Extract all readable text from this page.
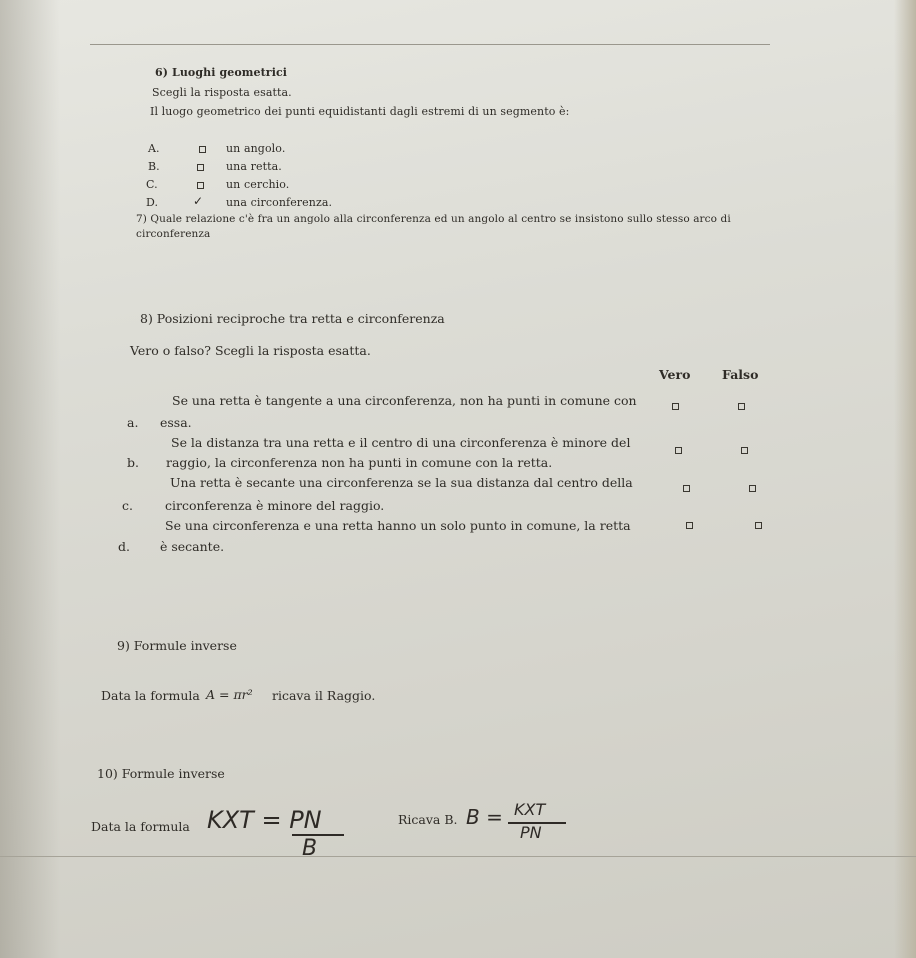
6) Luoghi geometrici
Scegli la risposta esatta.
Il luogo geometrico dei punti equidistanti dagli estremi di un segmento è:
A.	un angolo.
B.	una retta.
C.	un cerchio.
D.	✓ una circonferenza.
7) Quale relazione c'è fra un angolo alla circonferenza ed un angolo al centro se insistono sullo stesso arco di
circonferenza
8) Posizioni reciproche tra retta e circonferenza
Vero o falso? Scegli la risposta esatta.
Vero	Falso
Se una retta è tangente a una circonferenza, non ha punti in comune con
a. essa.
Se la distanza tra una retta e il centro di una circonferenza è minore del
b. raggio, la circonferenza non ha punti in comune con la retta.
Una retta è secante una circonferenza se la sua distanza dal centro della
c.	circonferenza è minore del raggio.
Se una circonferenza e una retta hanno un solo punto in comune, la retta
d. è secante.
9) Formule inverse
Data la formula A = πr² ricava il Raggio.
10) Formule inverse
Data la formula KXT = PN
B
Ricava B. B = KXT
PN
